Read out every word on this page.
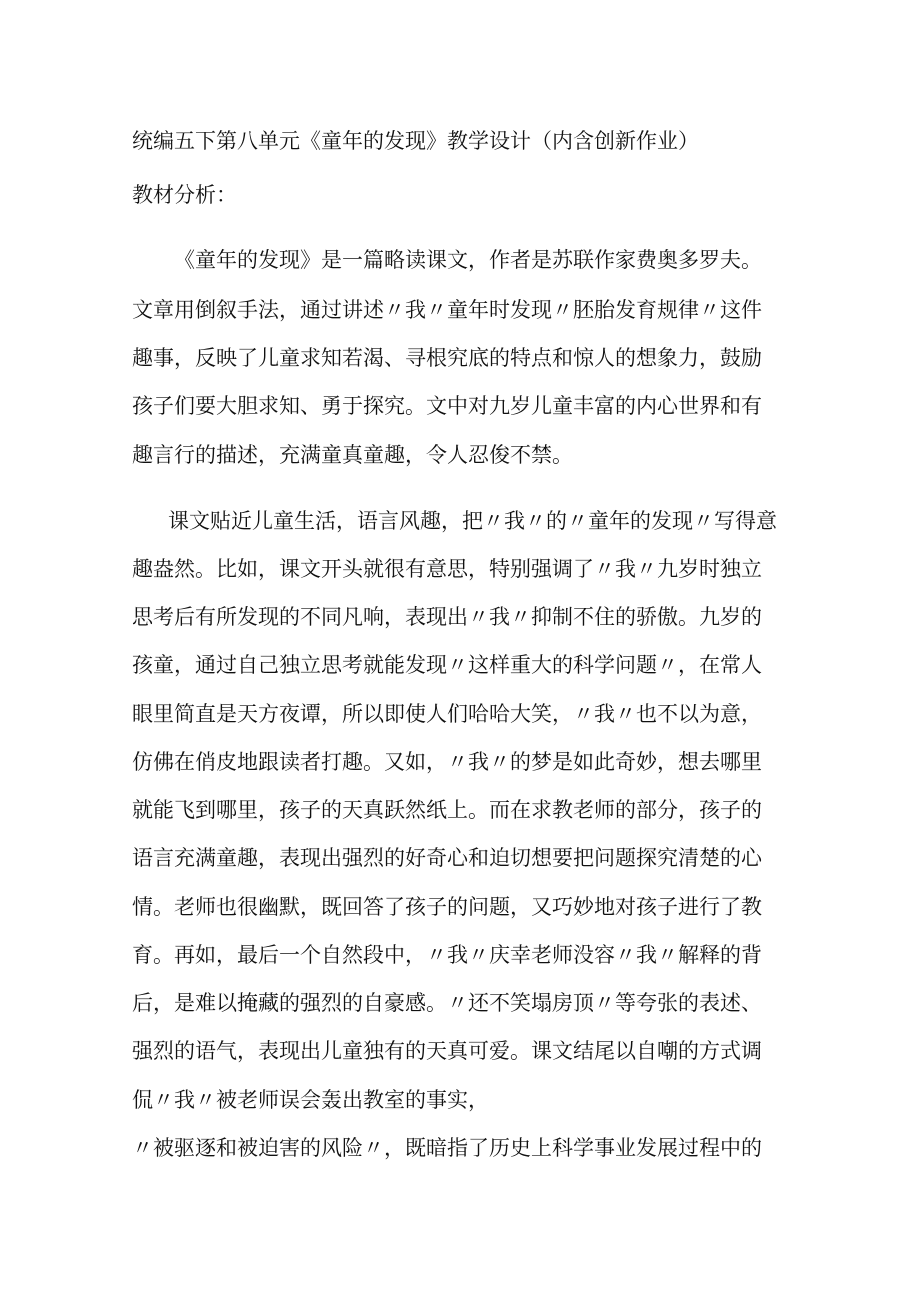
统编五下第八单元《童年的发现》教学设计（内含创新作业）
教材分析：
《童年的发现》是一篇略读课文，作者是苏联作家费奥多罗夫。
文章用倒叙手法，通过讲述〃我〃童年时发现〃胚胎发育规律〃这件
趣事，反映了儿童求知若渴、寻根究底的特点和惊人的想象力，鼓励
孩子们要大胆求知、勇于探究。文中对九岁儿童丰富的内心世界和有
趣言行的描述，充满童真童趣，令人忍俊不禁。
课文贴近儿童生活，语言风趣，把〃我〃的〃童年的发现〃写得意
趣盎然。比如，课文开头就很有意思，特别强调了〃我〃九岁时独立
思考后有所发现的不同凡响，表现出〃我〃抑制不住的骄傲。九岁的
孩童，通过自己独立思考就能发现〃这样重大的科学问题〃，在常人
眼里简直是天方夜谭，所以即使人们哈哈大笑，〃我〃也不以为意，
仿佛在俏皮地跟读者打趣。又如，〃我〃的梦是如此奇妙，想去哪里
就能飞到哪里，孩子的天真跃然纸上。而在求教老师的部分，孩子的
语言充满童趣，表现出强烈的好奇心和迫切想要把问题探究清楚的心
情。老师也很幽默，既回答了孩子的问题，又巧妙地对孩子进行了教
育。再如，最后一个自然段中，〃我〃庆幸老师没容〃我〃解释的背
后，是难以掩藏的强烈的自豪感。〃还不笑塌房顶〃等夸张的表述、
强烈的语气，表现出儿童独有的天真可爱。课文结尾以自嘲的方式调
侃〃我〃被老师误会轰出教室的事实，
〃被驱逐和被迫害的风险〃，既暗指了历史上科学事业发展过程中的
